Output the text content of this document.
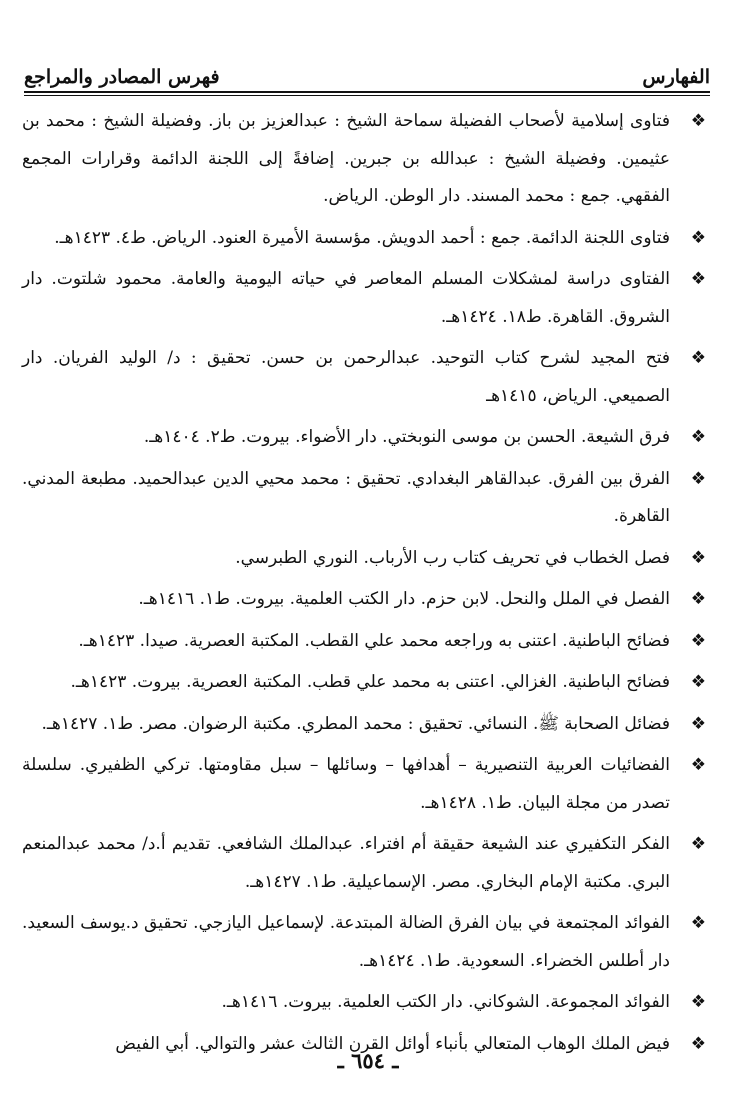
الفهارس
فهرس المصادر والمراجع
❖
فتاوى إسلامية لأصحاب الفضيلة سماحة الشيخ : عبدالعزيز بن باز. وفضيلة الشيخ : محمد بن عثيمين. وفضيلة الشيخ : عبدالله بن جبرين. إضافةً إلى اللجنة الدائمة وقرارات المجمع الفقهي. جمع : محمد المسند. دار الوطن. الرياض.
❖
فتاوى اللجنة الدائمة. جمع : أحمد الدويش. مؤسسة الأميرة العنود. الرياض. ط٤. ١٤٢٣هـ.
❖
الفتاوى دراسة لمشكلات المسلم المعاصر في حياته اليومية والعامة. محمود شلتوت. دار الشروق. القاهرة. ط١٨. ١٤٢٤هـ.
❖
فتح المجيد لشرح كتاب التوحيد. عبدالرحمن بن حسن. تحقيق : د/ الوليد الفريان. دار الصميعي. الرياض، ١٤١٥هـ
❖
فرق الشيعة. الحسن بن موسى النوبختي. دار الأضواء. بيروت. ط٢. ١٤٠٤هـ.
❖
الفرق بين الفرق. عبدالقاهر البغدادي. تحقيق : محمد محيي الدين عبدالحميد. مطبعة المدني. القاهرة.
❖
فصل الخطاب في تحريف كتاب رب الأرباب. النوري الطبرسي.
❖
الفصل في الملل والنحل. لابن حزم. دار الكتب العلمية. بيروت. ط١. ١٤١٦هـ.
❖
فضائح الباطنية. اعتنى به وراجعه محمد علي القطب. المكتبة العصرية. صيدا. ١٤٢٣هـ.
❖
فضائح الباطنية. الغزالي. اعتنى به محمد علي قطب. المكتبة العصرية. بيروت. ١٤٢٣هـ.
❖
فضائل الصحابة ﷺ. النسائي. تحقيق : محمد المطري. مكتبة الرضوان. مصر. ط١. ١٤٢٧هـ.
❖
الفضائيات العربية التنصيرية – أهدافها – وسائلها – سبل مقاومتها. تركي الظفيري. سلسلة تصدر من مجلة البيان. ط١. ١٤٢٨هـ.
❖
الفكر التكفيري عند الشيعة حقيقة أم افتراء. عبدالملك الشافعي. تقديم أ.د/ محمد عبدالمنعم البري. مكتبة الإمام البخاري. مصر. الإسماعيلية. ط١. ١٤٢٧هـ.
❖
الفوائد المجتمعة في بيان الفرق الضالة المبتدعة. لإسماعيل اليازجي. تحقيق د.يوسف السعيد. دار أطلس الخضراء. السعودية. ط١. ١٤٢٤هـ.
❖
الفوائد المجموعة. الشوكاني. دار الكتب العلمية. بيروت. ١٤١٦هـ.
❖
فيض الملك الوهاب المتعالي بأنباء أوائل القرن الثالث عشر والتوالي. أبي الفيض
ـ ٦٥٤ ـ
